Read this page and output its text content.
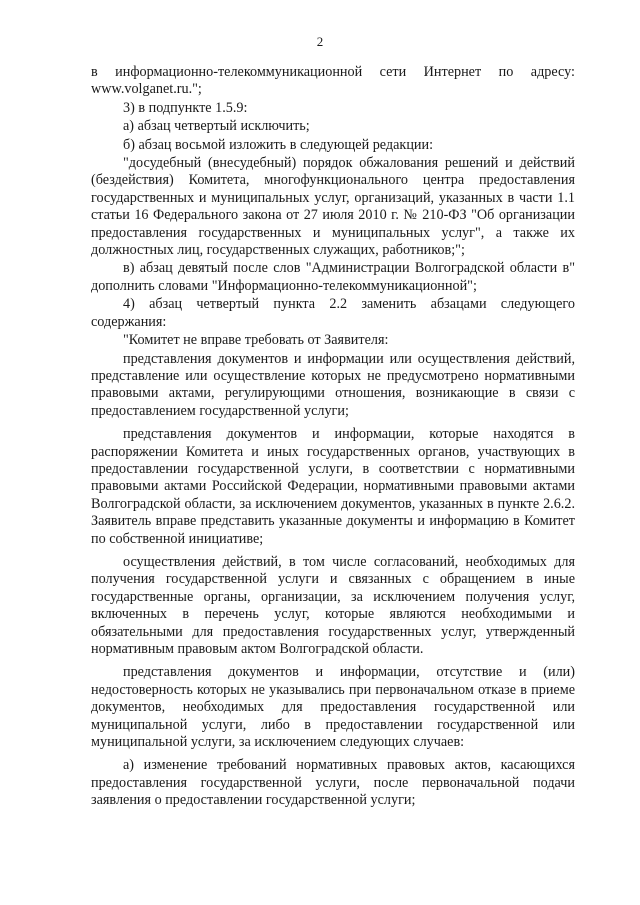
2

в информационно-телекоммуникационной сети Интернет по адресу: www.volganet.ru.";

3) в подпункте 1.5.9:

а) абзац четвертый исключить;

б) абзац восьмой изложить в следующей редакции:

"досудебный (внесудебный) порядок обжалования решений и действий (бездействия) Комитета, многофункционального центра предоставления государственных и муниципальных услуг, организаций, указанных в части 1.1 статьи 16 Федерального закона от 27 июля 2010 г. № 210-ФЗ "Об организации предоставления государственных и муниципальных услуг", а также их должностных лиц, государственных служащих, работников;";

в) абзац девятый после слов "Администрации Волгоградской области в" дополнить словами "Информационно-телекоммуникационной";

4) абзац четвертый пункта 2.2 заменить абзацами следующего содержания:

"Комитет не вправе требовать от Заявителя:

представления документов и информации или осуществления действий, представление или осуществление которых не предусмотрено нормативными правовыми актами, регулирующими отношения, возникающие в связи с предоставлением государственной услуги;

представления документов и информации, которые находятся в распоряжении Комитета и иных государственных органов, участвующих в предоставлении государственной услуги, в соответствии с нормативными правовыми актами Российской Федерации, нормативными правовыми актами Волгоградской области, за исключением документов, указанных в пункте 2.6.2. Заявитель вправе представить указанные документы и информацию в Комитет по собственной инициативе;

осуществления действий, в том числе согласований, необходимых для получения государственной услуги и связанных с обращением в иные государственные органы, организации, за исключением получения услуг, включенных в перечень услуг, которые являются необходимыми и обязательными для предоставления государственных услуг, утвержденный нормативным правовым актом Волгоградской области.

представления документов и информации, отсутствие и (или) недостоверность которых не указывались при первоначальном отказе в приеме документов, необходимых для предоставления государственной или муниципальной услуги, либо в предоставлении государственной или муниципальной услуги, за исключением следующих случаев:

а) изменение требований нормативных правовых актов, касающихся предоставления государственной услуги, после первоначальной подачи заявления о предоставлении государственной услуги;
